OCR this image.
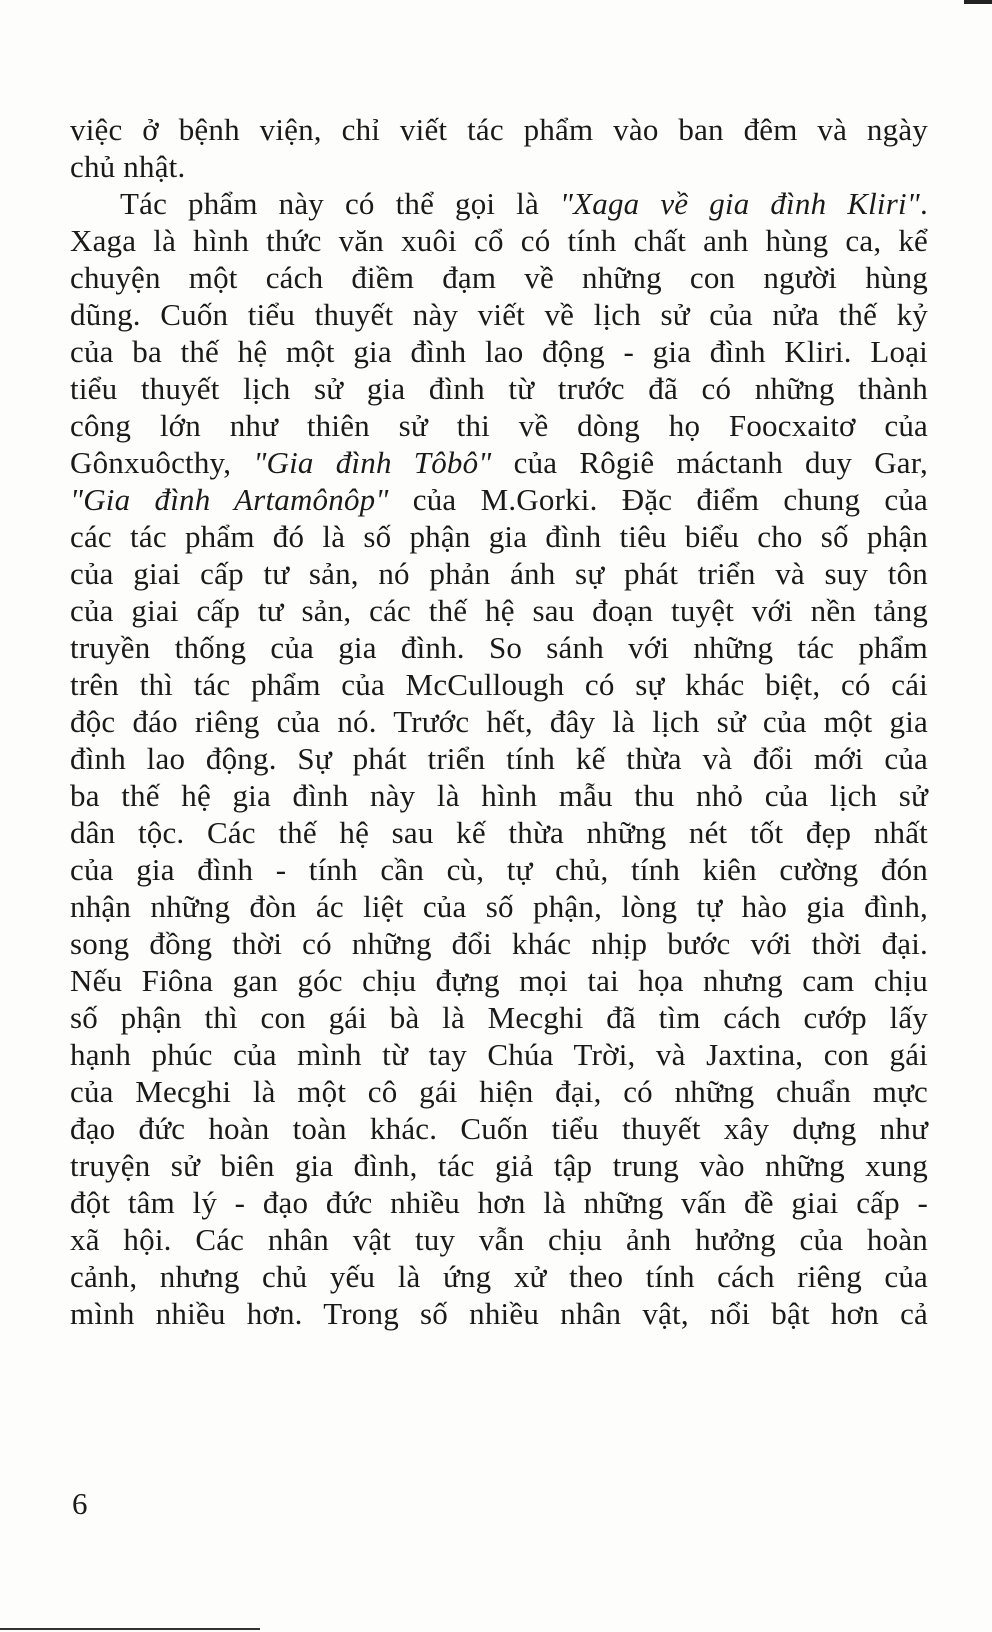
việc ở bệnh viện, chỉ viết tác phẩm vào ban đêm và ngày
chủ nhật.
Tác phẩm này có thể gọi là "Xaga về gia đình Kliri".
Xaga là hình thức văn xuôi cổ có tính chất anh hùng ca, kể
chuyện một cách điềm đạm về những con người hùng
dũng. Cuốn tiểu thuyết này viết về lịch sử của nửa thế kỷ
của ba thế hệ một gia đình lao động - gia đình Kliri. Loại
tiểu thuyết lịch sử gia đình từ trước đã có những thành
công lớn như thiên sử thi về dòng họ Foocxaitơ của
Gônxuôcthy, "Gia đình Tôbô" của Rôgiê máctanh duy Gar,
"Gia đình Artamônôp" của M.Gorki. Đặc điểm chung của
các tác phẩm đó là số phận gia đình tiêu biểu cho số phận
của giai cấp tư sản, nó phản ánh sự phát triển và suy tôn
của giai cấp tư sản, các thế hệ sau đoạn tuyệt với nền tảng
truyền thống của gia đình. So sánh với những tác phẩm
trên thì tác phẩm của McCullough có sự khác biệt, có cái
độc đáo riêng của nó. Trước hết, đây là lịch sử của một gia
đình lao động. Sự phát triển tính kế thừa và đổi mới của
ba thế hệ gia đình này là hình mẫu thu nhỏ của lịch sử
dân tộc. Các thế hệ sau kế thừa những nét tốt đẹp nhất
của gia đình - tính cần cù, tự chủ, tính kiên cường đón
nhận những đòn ác liệt của số phận, lòng tự hào gia đình,
song đồng thời có những đổi khác nhịp bước với thời đại.
Nếu Fiôna gan góc chịu đựng mọi tai họa nhưng cam chịu
số phận thì con gái bà là Mecghi đã tìm cách cướp lấy
hạnh phúc của mình từ tay Chúa Trời, và Jaxtina, con gái
của Mecghi là một cô gái hiện đại, có những chuẩn mực
đạo đức hoàn toàn khác. Cuốn tiểu thuyết xây dựng như
truyện sử biên gia đình, tác giả tập trung vào những xung
đột tâm lý - đạo đức nhiều hơn là những vấn đề giai cấp -
xã hội. Các nhân vật tuy vẫn chịu ảnh hưởng của hoàn
cảnh, nhưng chủ yếu là ứng xử theo tính cách riêng của
mình nhiều hơn. Trong số nhiều nhân vật, nổi bật hơn cả
6
